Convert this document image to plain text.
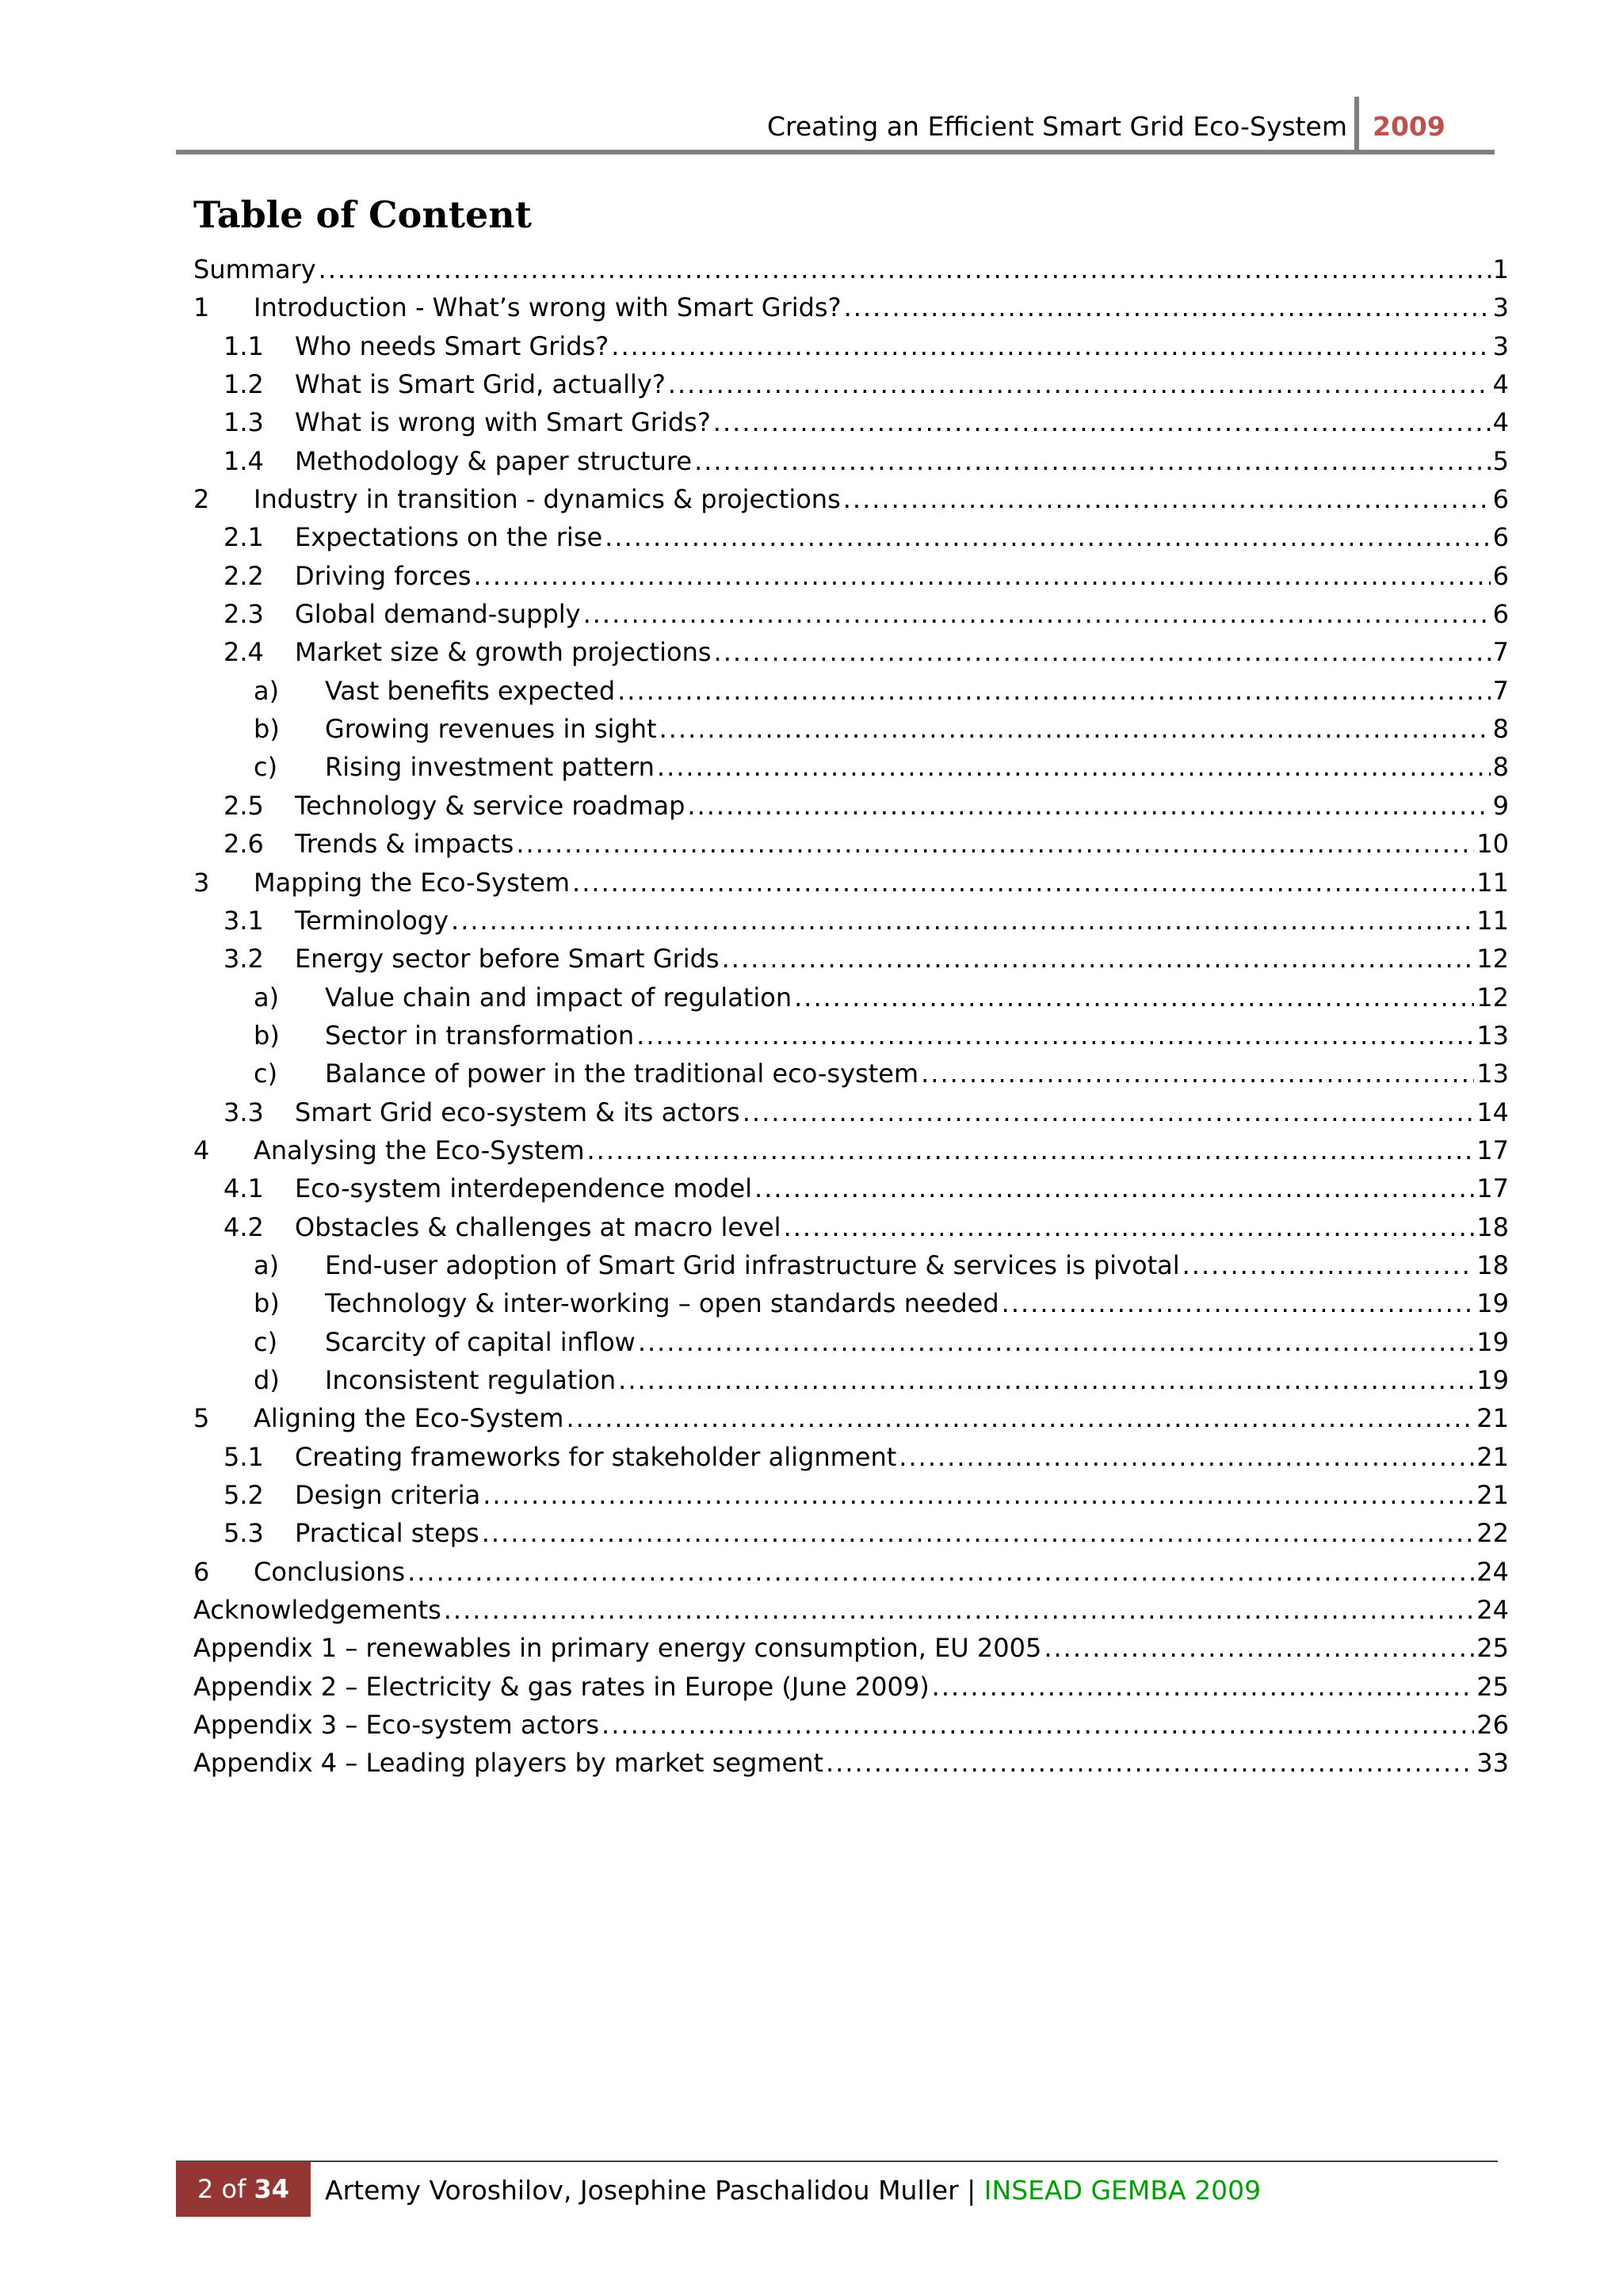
Creating an Efficient Smart Grid Eco-System 2009
Table of Content
Summary .....	1
1	Introduction - What’s wrong with Smart Grids? .....	3
1.1	Who needs Smart Grids? .....	3
1.2	What is Smart Grid, actually? .....	4
1.3	What is wrong with Smart Grids? .....	4
1.4	Methodology & paper structure .....	5
2	Industry in transition - dynamics & projections .....	6
2.1	Expectations on the rise .....	6
2.2	Driving forces .....	6
2.3	Global demand-supply .....	6
2.4	Market size & growth projections .....	7
a)	Vast benefits expected .....	7
b)	Growing revenues in sight .....	8
c)	Rising investment pattern .....	8
2.5	Technology & service roadmap .....	9
2.6	Trends & impacts .....	10
3	Mapping the Eco-System .....	11
3.1	Terminology .....	11
3.2	Energy sector before Smart Grids .....	12
a)	Value chain and impact of regulation .....	12
b)	Sector in transformation .....	13
c)	Balance of power in the traditional eco-system .....	13
3.3	Smart Grid eco-system & its actors .....	14
4	Analysing the Eco-System .....	17
4.1	Eco-system interdependence model .....	17
4.2	Obstacles & challenges at macro level .....	18
a)	End-user adoption of Smart Grid infrastructure & services is pivotal .....	18
b)	Technology & inter-working – open standards needed .....	19
c)	Scarcity of capital inflow .....	19
d)	Inconsistent regulation .....	19
5	Aligning the Eco-System .....	21
5.1	Creating frameworks for stakeholder alignment .....	21
5.2	Design criteria .....	21
5.3	Practical steps .....	22
6	Conclusions .....	24
Acknowledgements .....	24
Appendix 1 – renewables in primary energy consumption, EU 2005 .....	25
Appendix 2 – Electricity & gas rates in Europe (June 2009) .....	25
Appendix 3 – Eco-system actors .....	26
Appendix 4 – Leading players by market segment .....	33
2 of 34	Artemy Voroshilov, Josephine Paschalidou Muller | INSEAD GEMBA 2009
